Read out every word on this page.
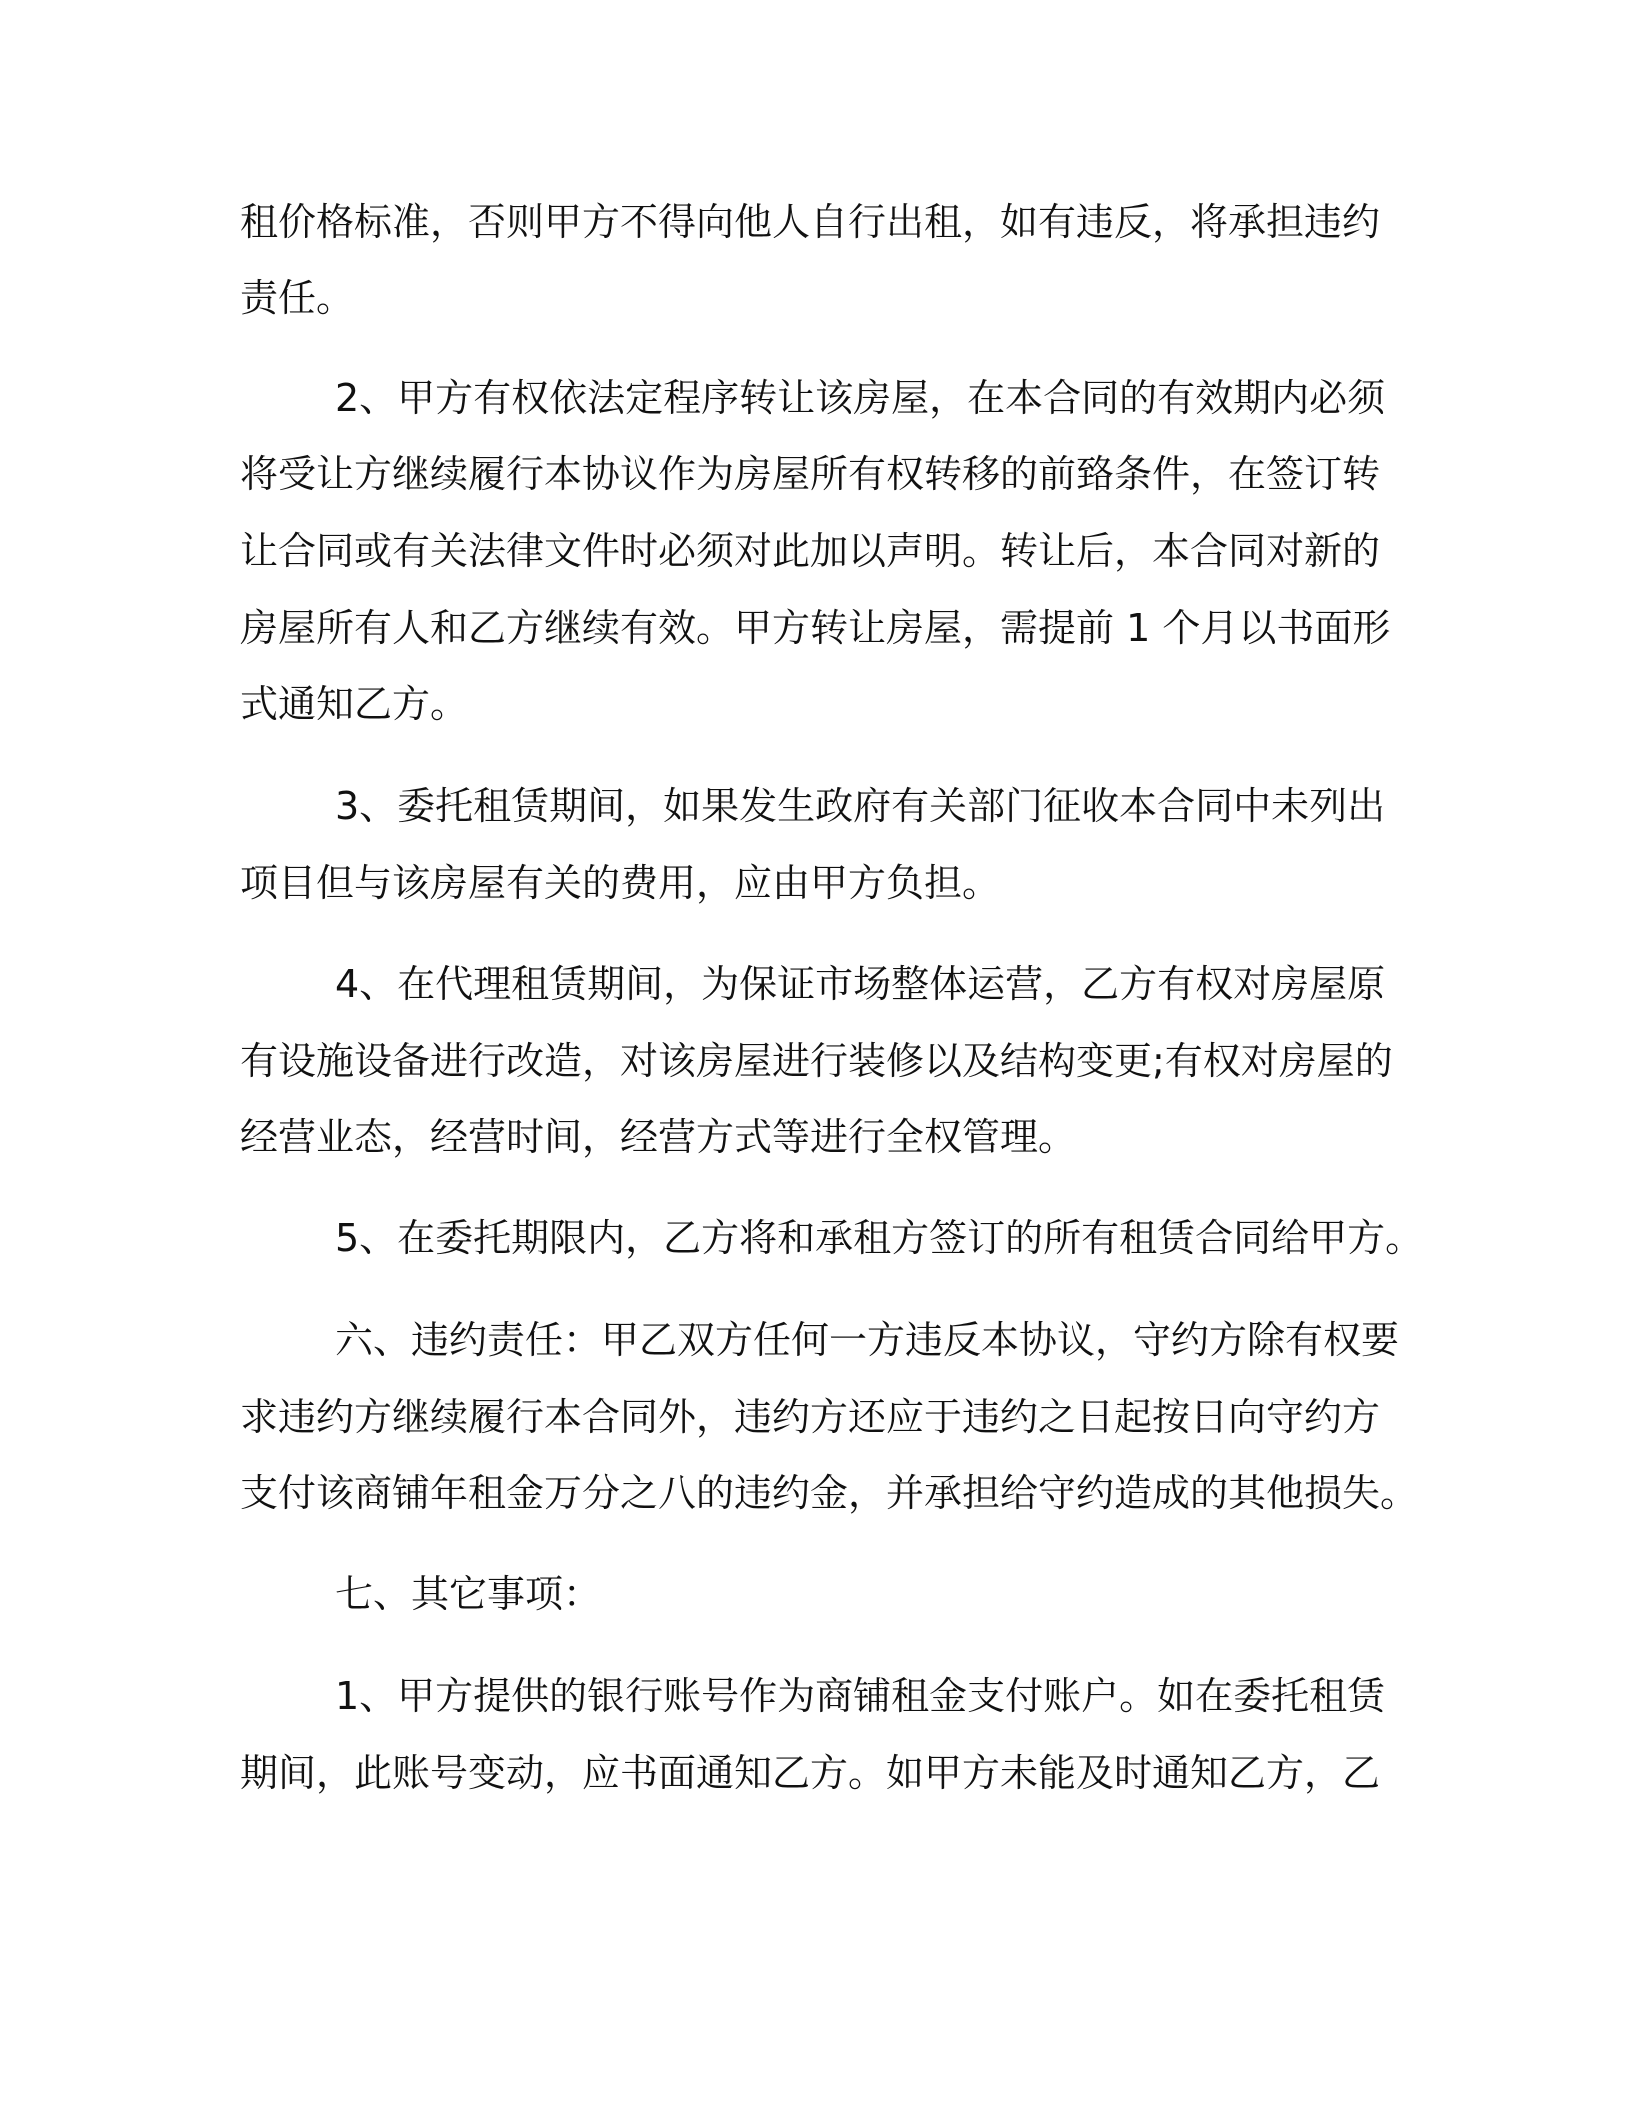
租价格标准，否则甲方不得向他人自行出租，如有违反，将承担违约

责任。

2、甲方有权依法定程序转让该房屋，在本合同的有效期内必须

将受让方继续履行本协议作为房屋所有权转移的前臵条件，在签订转

让合同或有关法律文件时必须对此加以声明。转让后，本合同对新的

房屋所有人和乙方继续有效。甲方转让房屋，需提前 1 个月以书面形

式通知乙方。

3、委托租赁期间，如果发生政府有关部门征收本合同中未列出

项目但与该房屋有关的费用，应由甲方负担。

4、在代理租赁期间，为保证市场整体运营，乙方有权对房屋原

有设施设备进行改造，对该房屋进行装修以及结构变更;有权对房屋的

经营业态，经营时间，经营方式等进行全权管理。

5、在委托期限内，乙方将和承租方签订的所有租赁合同给甲方。

六、违约责任：甲乙双方任何一方违反本协议，守约方除有权要

求违约方继续履行本合同外，违约方还应于违约之日起按日向守约方

支付该商铺年租金万分之八的违约金，并承担给守约造成的其他损失。

七、其它事项：

1、甲方提供的银行账号作为商铺租金支付账户。如在委托租赁

期间，此账号变动，应书面通知乙方。如甲方未能及时通知乙方，乙
